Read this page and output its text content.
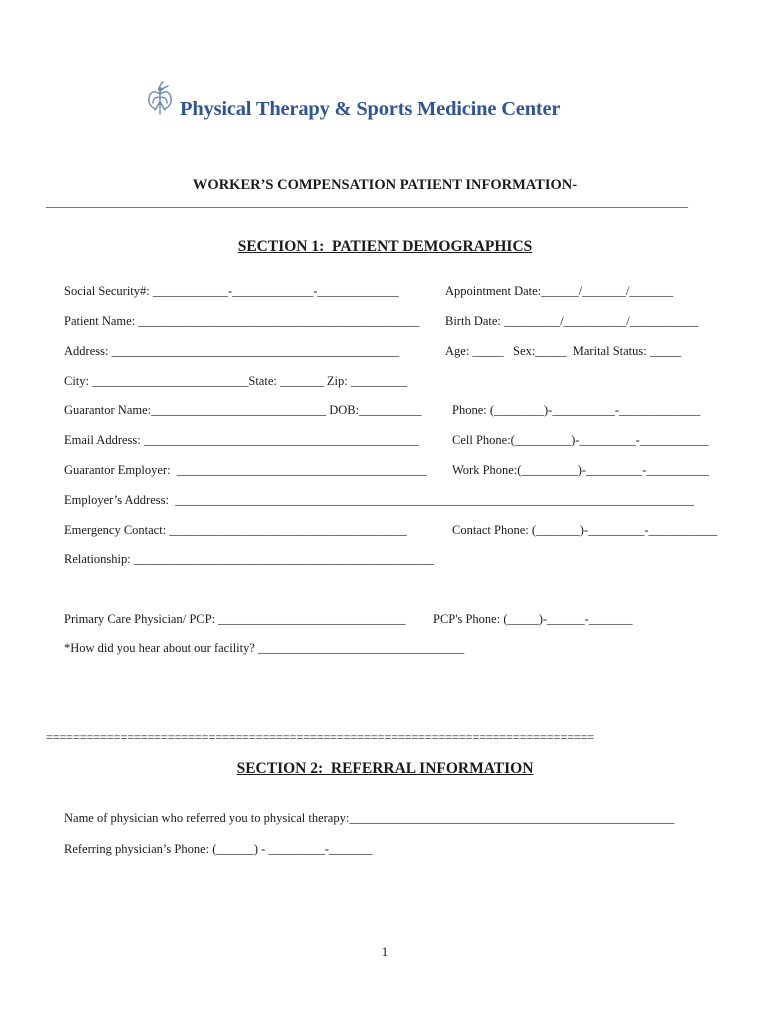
Physical Therapy & Sports Medicine Center
WORKER’S COMPENSATION PATIENT INFORMATION-
___________________________________________________________________________________________________________
SECTION 1:  PATIENT DEMOGRAPHICS
Social Security#: ____________-_____________-_____________	Appointment Date:______/_______/_______
Patient Name: _____________________________________________ Birth Date: _________/__________/___________
Address: ______________________________________________	Age: _____   Sex:_____  Marital Status: _____
City: _________________________State: _______ Zip: _________
Guarantor Name:____________________________ DOB:__________ Phone: (________)-__________-_____________
Email Address: ____________________________________________	Cell Phone:(_________)-_________-___________
Guarantor Employer:  ________________________________________ Work Phone:(_________)-_________-__________
Employer’s Address:  ___________________________________________________________________________________
Emergency Contact: ______________________________________	Contact Phone: (_______)-_________-___________
Relationship: ________________________________________________
Primary Care Physician/ PCP: ______________________________ PCP's Phone: (_____)-______-_______
*How did you hear about our facility? _________________________________
=================================================================================
SECTION 2:  REFERRAL INFORMATION
Name of physician who referred you to physical therapy:____________________________________________________
Referring physician’s Phone: (______) - _________-_______
1
